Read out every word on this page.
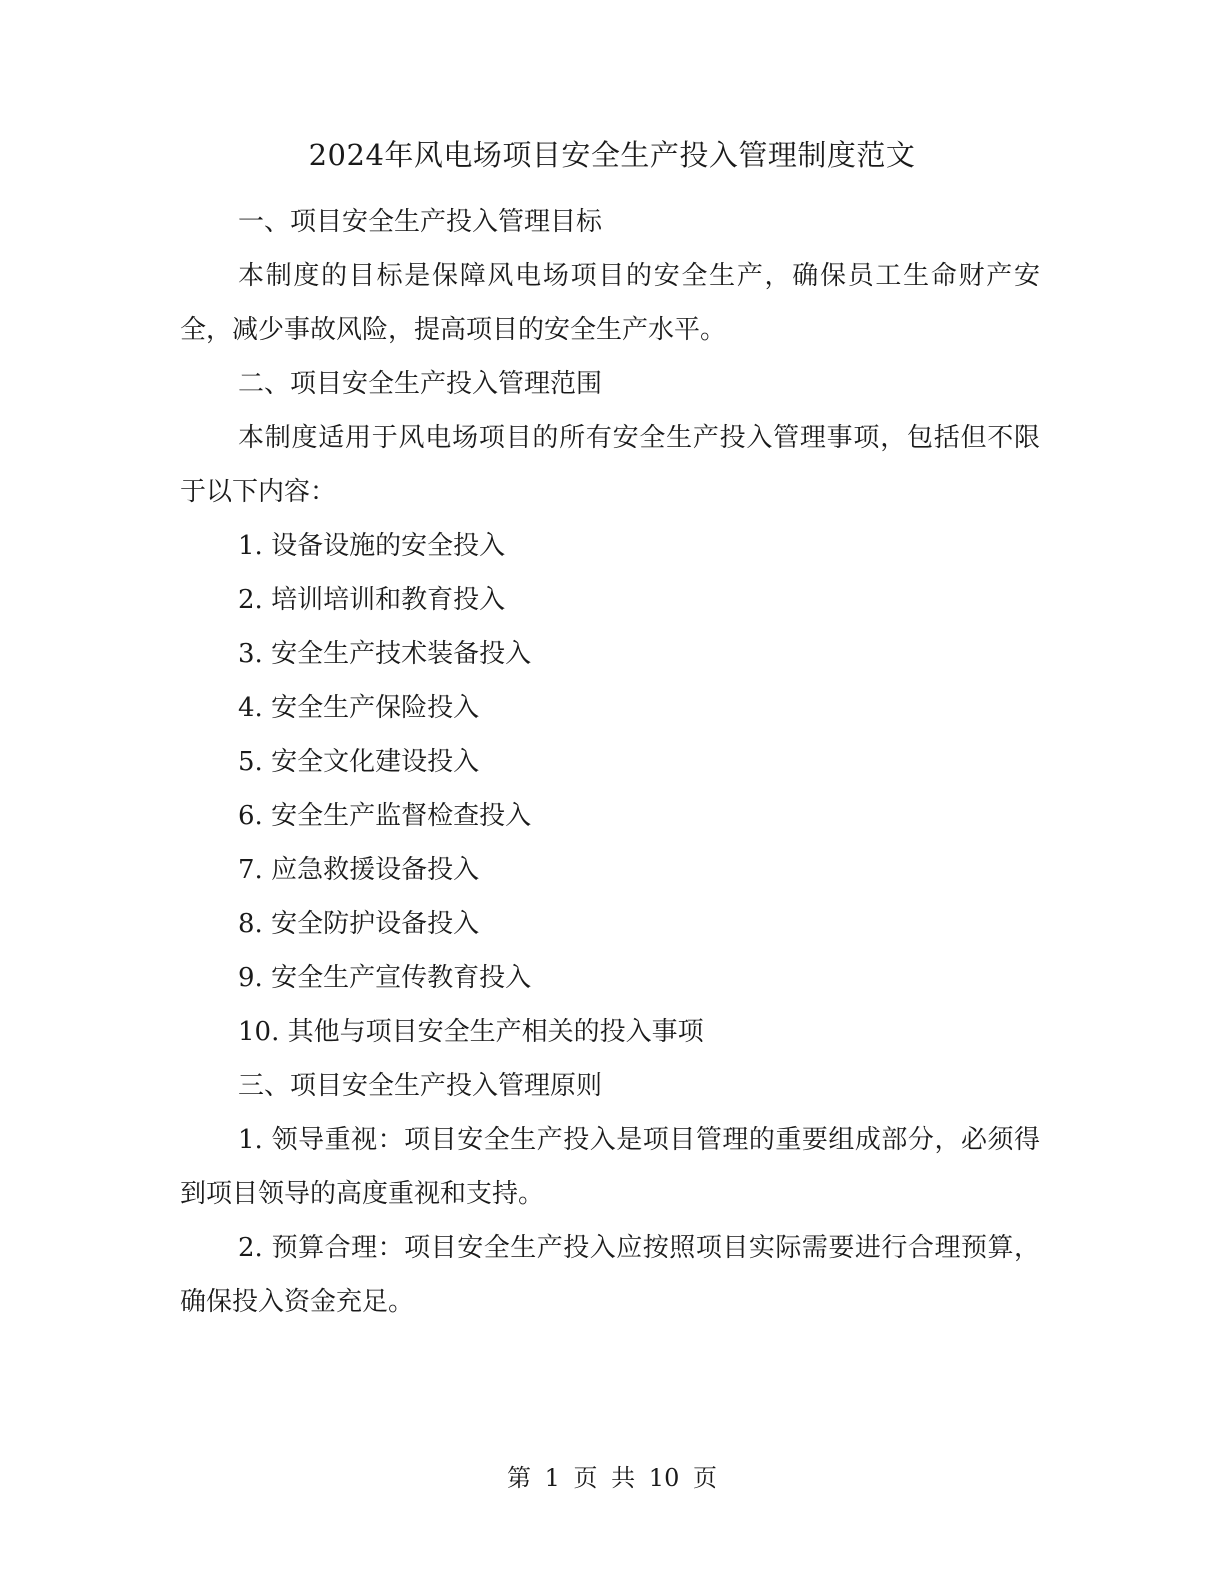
2024年风电场项目安全生产投入管理制度范文

一、项目安全生产投入管理目标

本制度的目标是保障风电场项目的安全生产，确保员工生命财产安全，减少事故风险，提高项目的安全生产水平。

二、项目安全生产投入管理范围

本制度适用于风电场项目的所有安全生产投入管理事项，包括但不限于以下内容：

1. 设备设施的安全投入

2. 培训培训和教育投入

3. 安全生产技术装备投入

4. 安全生产保险投入

5. 安全文化建设投入

6. 安全生产监督检查投入

7. 应急救援设备投入

8. 安全防护设备投入

9. 安全生产宣传教育投入

10. 其他与项目安全生产相关的投入事项

三、项目安全生产投入管理原则

1. 领导重视：项目安全生产投入是项目管理的重要组成部分，必须得到项目领导的高度重视和支持。

2. 预算合理：项目安全生产投入应按照项目实际需要进行合理预算，确保投入资金充足。

第 1 页 共 10 页
